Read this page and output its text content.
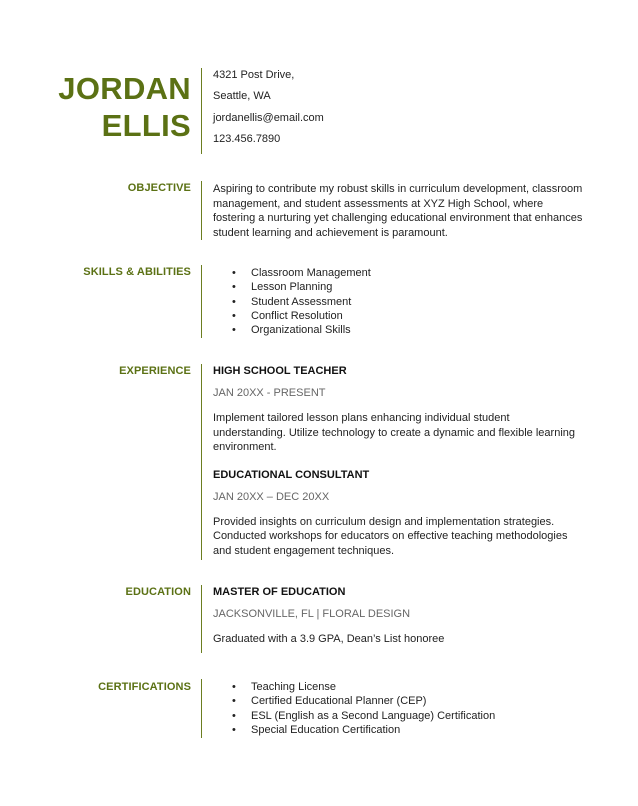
JORDAN
ELLIS
4321 Post Drive,
Seattle, WA
jordanellis@email.com
123.456.7890
OBJECTIVE Aspiring to contribute my robust skills in curriculum development, classroom management, and student assessments at XYZ High School, where fostering a nurturing yet challenging educational environment that enhances student learning and achievement is paramount.
SKILLS & ABILITIES	• Classroom Management
• Lesson Planning
• Student Assessment
• Conflict Resolution
• Organizational Skills
EXPERIENCE HIGH SCHOOL TEACHER
JAN 20XX - PRESENT
Implement tailored lesson plans enhancing individual student understanding. Utilize technology to create a dynamic and flexible learning environment.
EDUCATIONAL CONSULTANT
JAN 20XX – DEC 20XX
Provided insights on curriculum design and implementation strategies. Conducted workshops for educators on effective teaching methodologies and student engagement techniques.
EDUCATION MASTER OF EDUCATION
JACKSONVILLE, FL | FLORAL DESIGN
Graduated with a 3.9 GPA, Dean’s List honoree
CERTIFICATIONS	• Teaching License
• Certified Educational Planner (CEP)
• ESL (English as a Second Language) Certification
• Special Education Certification
